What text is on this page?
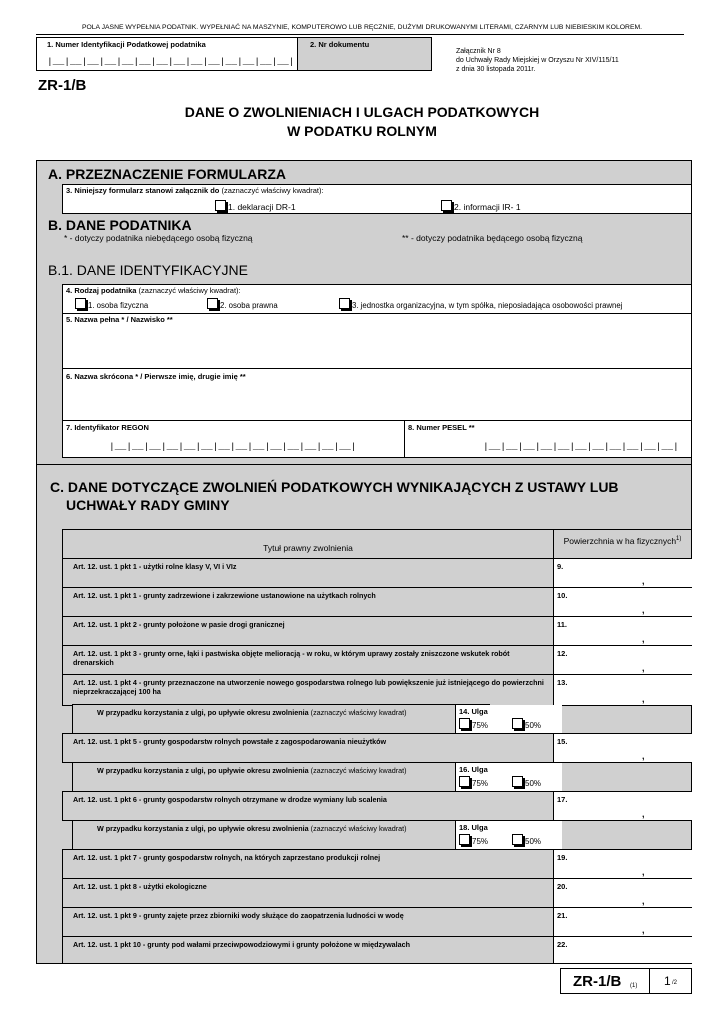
POLA JASNE WYPEŁNIA PODATNIK. WYPEŁNIAĆ NA MASZYNIE, KOMPUTEROWO LUB RĘCZNIE, DUŻYMI DRUKOWANYMI LITERAMI, CZARNYM LUB NIEBIESKIM KOLOREM.
1. Numer Identyfikacji Podatkowej podatnika
|__|__|__|__|__|__|__|__|__|__|__|__|__|__|
2. Nr dokumentu
Załącznik Nr 8
do Uchwały Rady Miejskiej w Orzyszu Nr XIV/115/11
z dnia 30 listopada 2011r.
ZR-1/B
DANE O ZWOLNIENIACH I ULGACH PODATKOWYCH
W PODATKU ROLNYM
A. PRZEZNACZENIE FORMULARZA
3. Niniejszy formularz stanowi załącznik do (zaznaczyć właściwy kwadrat):
1. deklaracji DR-1	2. informacji IR- 1
B. DANE PODATNIKA
* - dotyczy podatnika niebędącego osobą fizyczną	** - dotyczy podatnika będącego osobą fizyczną
B.1. DANE IDENTYFIKACYJNE
4. Rodzaj podatnika (zaznaczyć właściwy kwadrat):
1. osoba fizyczna	2. osoba prawna	3. jednostka organizacyjna, w tym spółka, nieposiadająca osobowości prawnej
5. Nazwa pełna * / Nazwisko **
6. Nazwa skrócona * / Pierwsze imię, drugie imię **
7. Identyfikator REGON
|__|__|__|__|__|__|__|__|__|__|__|__|__|__|
8. Numer PESEL **
|__|__|__|__|__|__|__|__|__|__|__|
C. DANE DOTYCZĄCE ZWOLNIEŃ PODATKOWYCH WYNIKAJĄCYCH Z USTAWY LUB
UCHWAŁY RADY GMINY
Tytuł prawny zwolnienia
Powierzchnia w ha fizycznych$^{1)}$
Art. 12. ust. 1 pkt 1 - użytki rolne klasy V, VI i VIz	9.
,
Art. 12. ust. 1 pkt 1 - grunty zadrzewione i zakrzewione ustanowione na użytkach rolnych	10.
,
Art. 12. ust. 1 pkt 2 - grunty położone w pasie drogi granicznej	11.
,
Art. 12. ust. 1 pkt 3 - grunty orne, łąki i pastwiska objęte melioracją - w roku, w którym uprawy zostały zniszczone wskutek robót drenarskich
12.
,
Art. 12. ust. 1 pkt 4 - grunty przeznaczone na utworzenie nowego gospodarstwa rolnego lub powiększenie już istniejącego do powierzchni nieprzekraczającej 100 ha
13.
,
W przypadku korzystania z ulgi, po upływie okresu zwolnienia (zaznaczyć właściwy kwadrat)	14. Ulga
75%	50%
Art. 12. ust. 1 pkt 5 - grunty gospodarstw rolnych powstałe z zagospodarowania nieużytków	15.
,
W przypadku korzystania z ulgi, po upływie okresu zwolnienia (zaznaczyć właściwy kwadrat)	16. Ulga
75%	50%
Art. 12. ust. 1 pkt 6 - grunty gospodarstw rolnych otrzymane w drodze wymiany lub scalenia	17.
,
W przypadku korzystania z ulgi, po upływie okresu zwolnienia (zaznaczyć właściwy kwadrat)	18. Ulga
75%	50%
Art. 12. ust. 1 pkt 7 - grunty gospodarstw rolnych, na których zaprzestano produkcji rolnej	19.
,
Art. 12. ust. 1 pkt 8 - użytki ekologiczne	20.
,
Art. 12. ust. 1 pkt 9 - grunty zajęte przez zbiorniki wody służące do zaopatrzenia ludności w wodę	21.
,
Art. 12. ust. 1 pkt 10 - grunty pod wałami przeciwpowodziowymi i grunty położone w międzywalach	22.
ZR-1/B (1) 1 /2
